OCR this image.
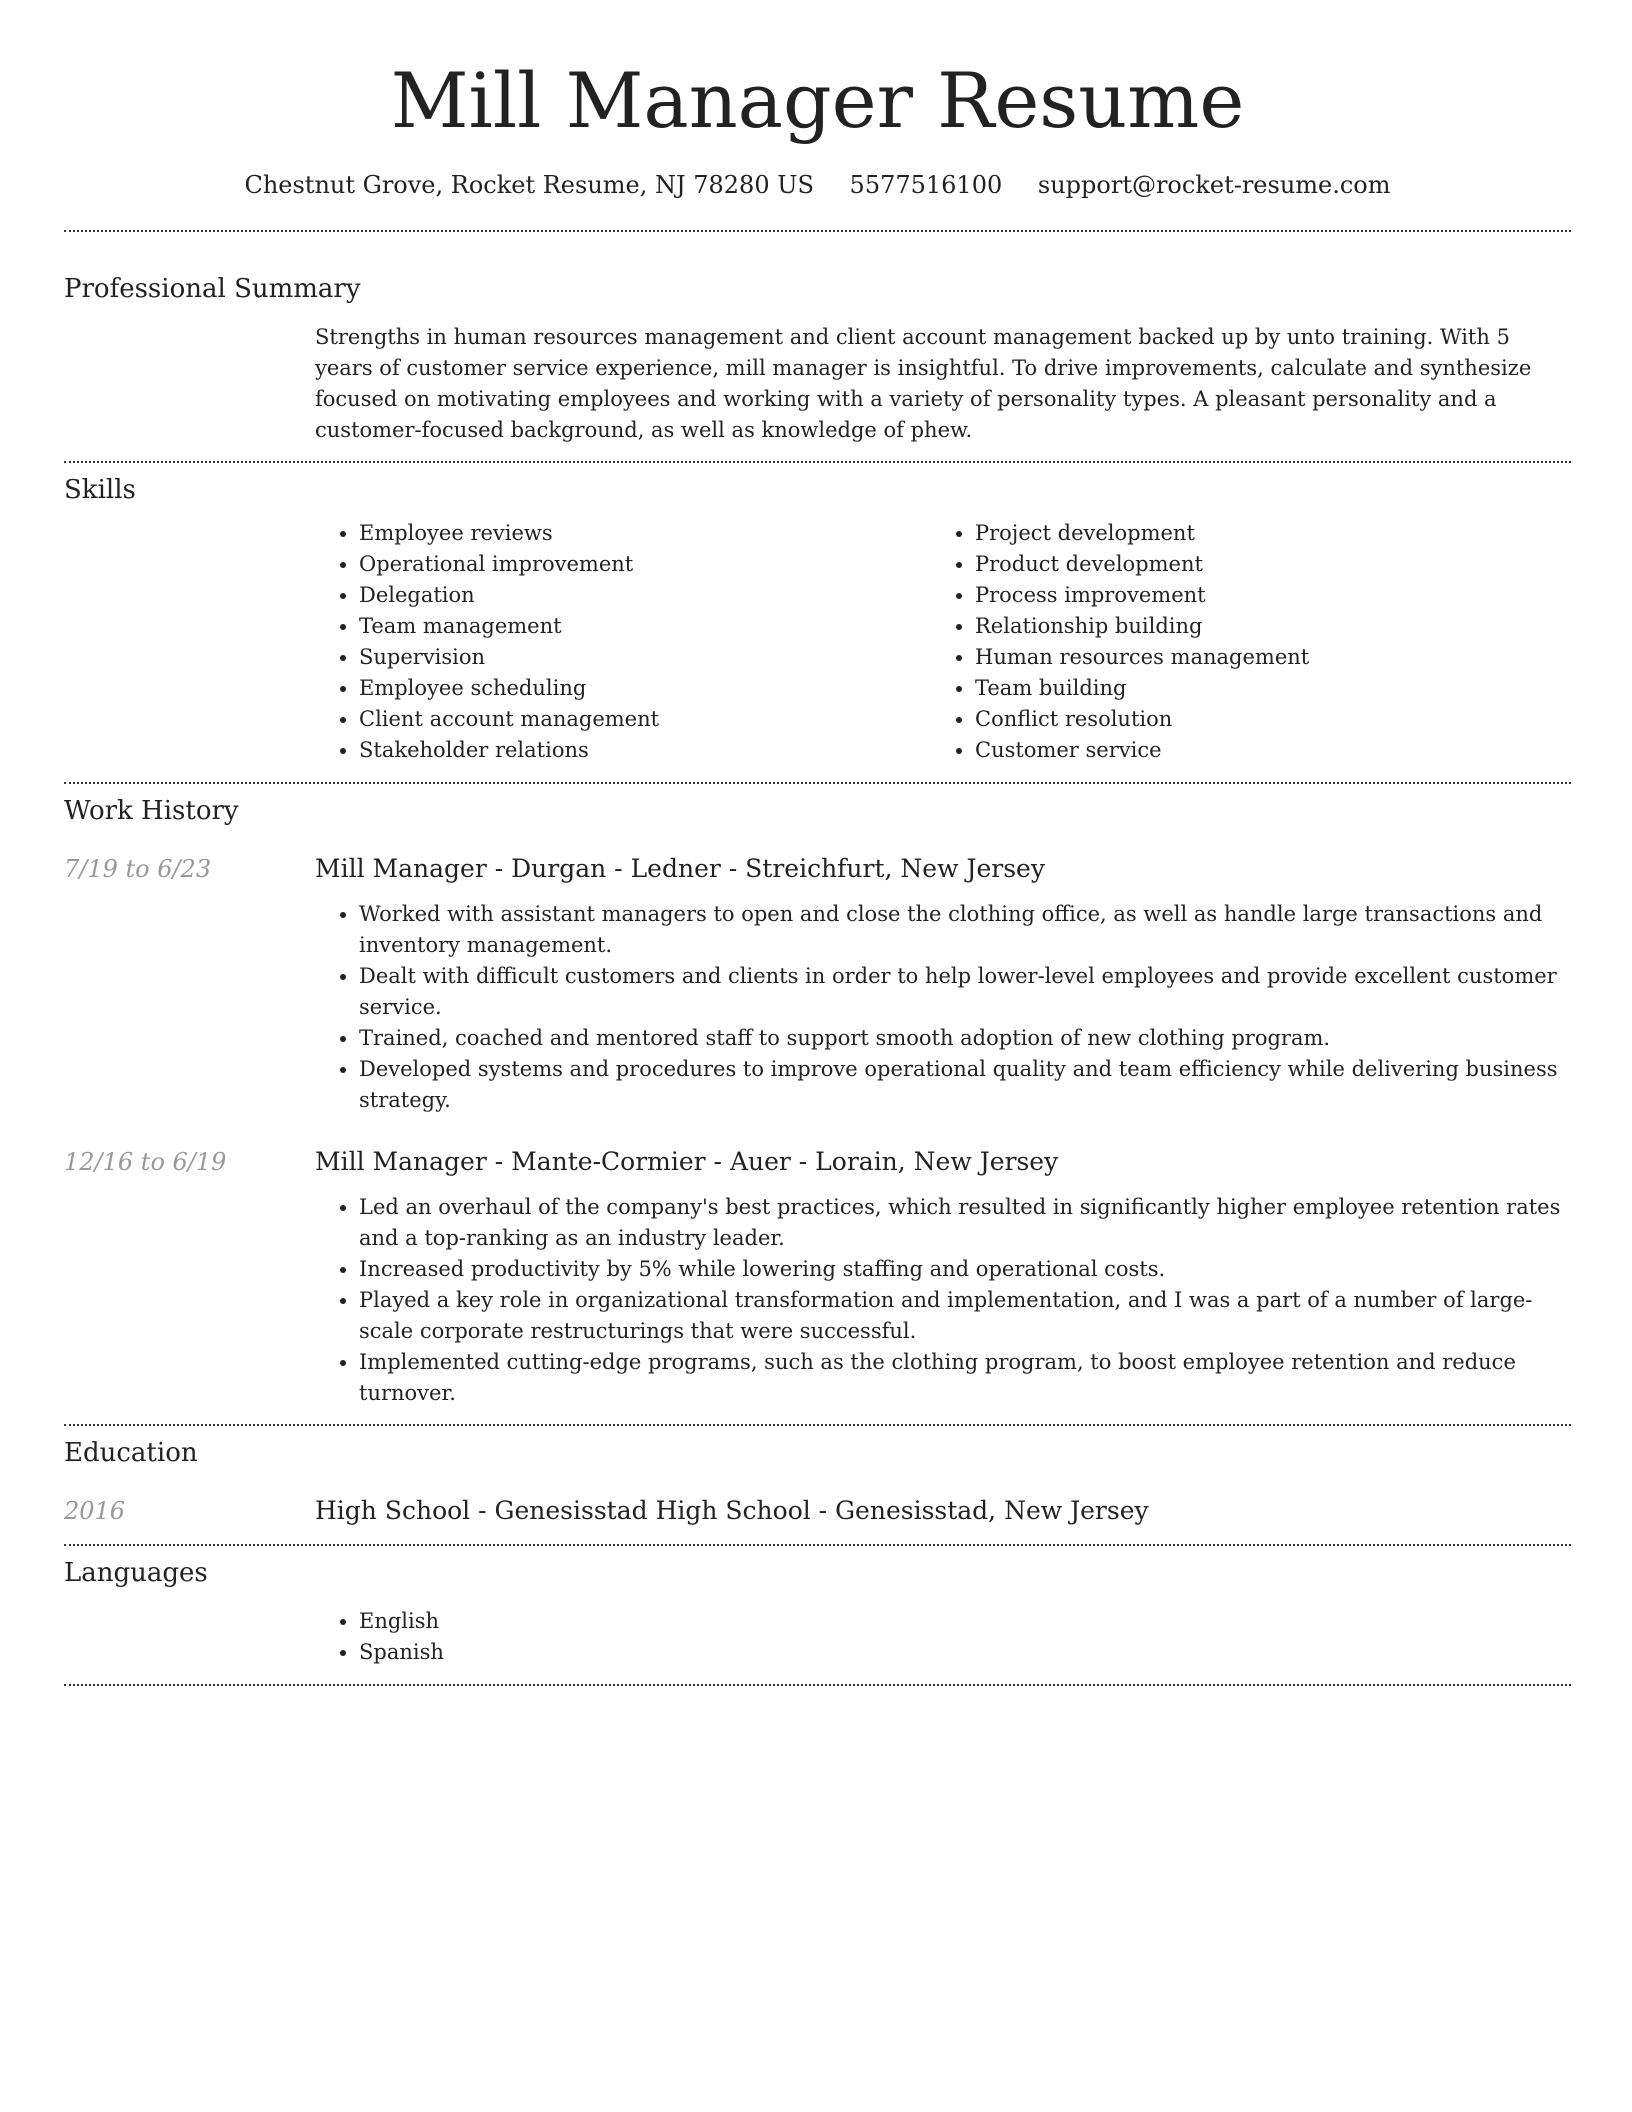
Mill Manager Resume
Chestnut Grove, Rocket Resume, NJ 78280 US 5577516100 support@rocket-resume.com
Professional Summary

Strengths in human resources management and client account management backed up by unto training. With 5 years of customer service experience, mill manager is insightful. To drive improvements, calculate and synthesize focused on motivating employees and working with a variety of personality types. A pleasant personality and a customer-focused background, as well as knowledge of phew.

Skills
• Employee reviews
• Operational improvement
• Delegation
• Team management
• Supervision
• Employee scheduling
• Client account management
• Stakeholder relations
• Project development
• Product development
• Process improvement
• Relationship building
• Human resources management
• Team building
• Conflict resolution
• Customer service
Work History
7/19 to 6/23	Mill Manager - Durgan - Ledner - Streichfurt, New Jersey
• Worked with assistant managers to open and close the clothing office, as well as handle large transactions and inventory management.
• Dealt with difficult customers and clients in order to help lower-level employees and provide excellent customer service.
• Trained, coached and mentored staff to support smooth adoption of new clothing program.
• Developed systems and procedures to improve operational quality and team efficiency while delivering business strategy.
12/16 to 6/19	Mill Manager - Mante-Cormier - Auer - Lorain, New Jersey
• Led an overhaul of the company's best practices, which resulted in significantly higher employee retention rates and a top-ranking as an industry leader.
• Increased productivity by 5% while lowering staffing and operational costs.
• Played a key role in organizational transformation and implementation, and I was a part of a number of large-scale corporate restructurings that were successful.
• Implemented cutting-edge programs, such as the clothing program, to boost employee retention and reduce turnover.
Education
2016	High School - Genesisstad High School - Genesisstad, New Jersey
Languages
• English
• Spanish
